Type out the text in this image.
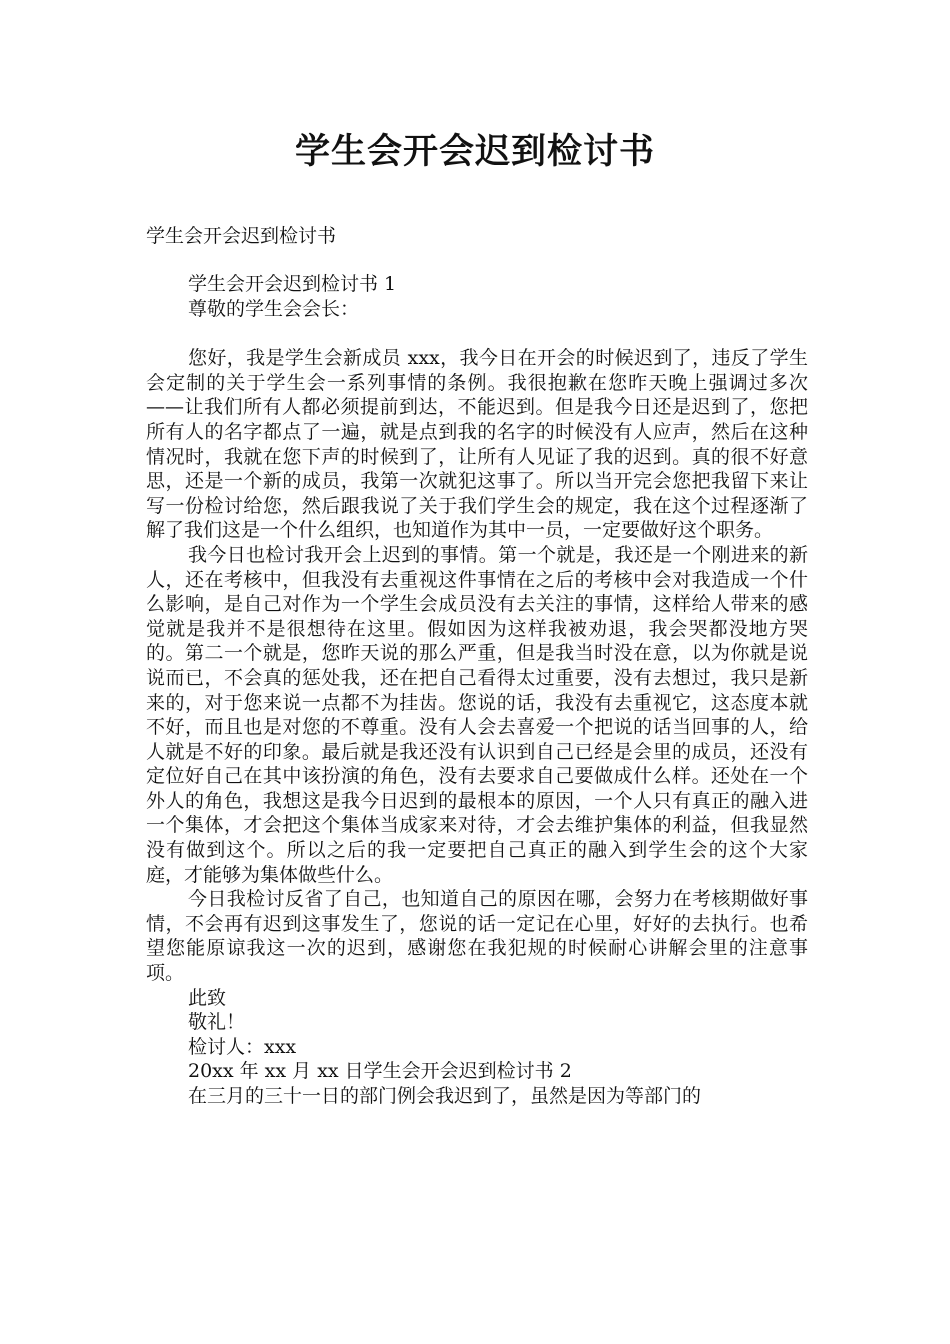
学生会开会迟到检讨书
学生会开会迟到检讨书
学生会开会迟到检讨书 1
尊敬的学生会会长：
您好，我是学生会新成员 xxx，我今日在开会的时候迟到了，违反了学生会定制的关于学生会一系列事情的条例。我很抱歉在您昨天晚上强调过多次——让我们所有人都必须提前到达，不能迟到。但是我今日还是迟到了，您把所有人的名字都点了一遍，就是点到我的名字的时候没有人应声，然后在这种情况时，我就在您下声的时候到了，让所有人见证了我的迟到。真的很不好意思，还是一个新的成员，我第一次就犯这事了。所以当开完会您把我留下来让写一份检讨给您，然后跟我说了关于我们学生会的规定，我在这个过程逐渐了解了我们这是一个什么组织，也知道作为其中一员，一定要做好这个职务。
我今日也检讨我开会上迟到的事情。第一个就是，我还是一个刚进来的新人，还在考核中，但我没有去重视这件事情在之后的考核中会对我造成一个什么影响，是自己对作为一个学生会成员没有去关注的事情，这样给人带来的感觉就是我并不是很想待在这里。假如因为这样我被劝退，我会哭都没地方哭的。第二一个就是，您昨天说的那么严重，但是我当时没在意，以为你就是说说而已，不会真的惩处我，还在把自己看得太过重要，没有去想过，我只是新来的，对于您来说一点都不为挂齿。您说的话，我没有去重视它，这态度本就不好，而且也是对您的不尊重。没有人会去喜爱一个把说的话当回事的人，给人就是不好的印象。最后就是我还没有认识到自己已经是会里的成员，还没有定位好自己在其中该扮演的角色，没有去要求自己要做成什么样。还处在一个外人的角色，我想这是我今日迟到的最根本的原因，一个人只有真正的融入进一个集体，才会把这个集体当成家来对待，才会去维护集体的利益，但我显然没有做到这个。所以之后的我一定要把自己真正的融入到学生会的这个大家庭，才能够为集体做些什么。
今日我检讨反省了自己，也知道自己的原因在哪，会努力在考核期做好事情，不会再有迟到这事发生了，您说的话一定记在心里，好好的去执行。也希望您能原谅我这一次的迟到，感谢您在我犯规的时候耐心讲解会里的注意事项。
此致
敬礼！
检讨人：xxx
20xx 年 xx 月 xx 日学生会开会迟到检讨书 2
在三月的三十一日的部门例会我迟到了，虽然是因为等部门的
